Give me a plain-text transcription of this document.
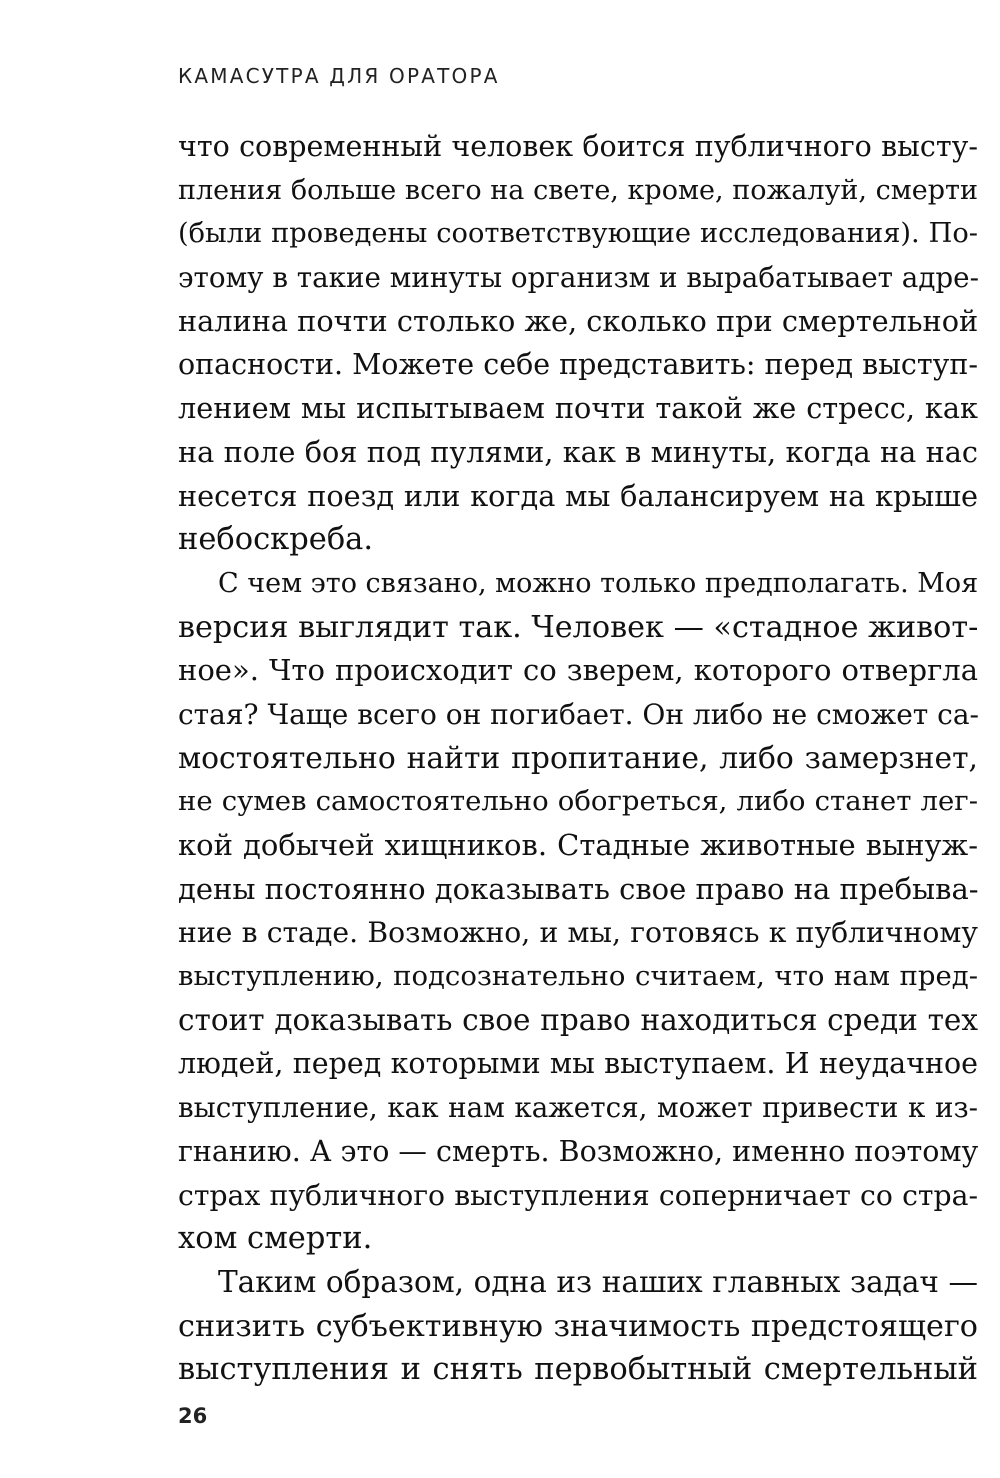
КАМАСУТРА ДЛЯ ОРАТОРА
что современный человек боится публичного высту-
пления больше всего на свете, кроме, пожалуй, смерти
(были проведены соответствующие исследования). По-
этому в такие минуты организм и вырабатывает адре-
налина почти столько же, сколько при смертельной
опасности. Можете себе представить: перед выступ-
лением мы испытываем почти такой же стресс, как
на поле боя под пулями, как в минуты, когда на нас
несется поезд или когда мы балансируем на крыше
небоскреба.
С чем это связано, можно только предполагать. Моя
версия выглядит так. Человек — «стадное живот-
ное». Что происходит со зверем, которого отвергла
стая? Чаще всего он погибает. Он либо не сможет са-
мостоятельно найти пропитание, либо замерзнет,
не сумев самостоятельно обогреться, либо станет лег-
кой добычей хищников. Стадные животные вынуж-
дены постоянно доказывать свое право на пребыва-
ние в стаде. Возможно, и мы, готовясь к публичному
выступлению, подсознательно считаем, что нам пред-
стоит доказывать свое право находиться среди тех
людей, перед которыми мы выступаем. И неудачное
выступление, как нам кажется, может привести к из-
гнанию. А это — смерть. Возможно, именно поэтому
страх публичного выступления соперничает со стра-
хом смерти.
Таким образом, одна из наших главных задач —
снизить субъективную значимость предстоящего
выступления и снять первобытный смертельный
26
